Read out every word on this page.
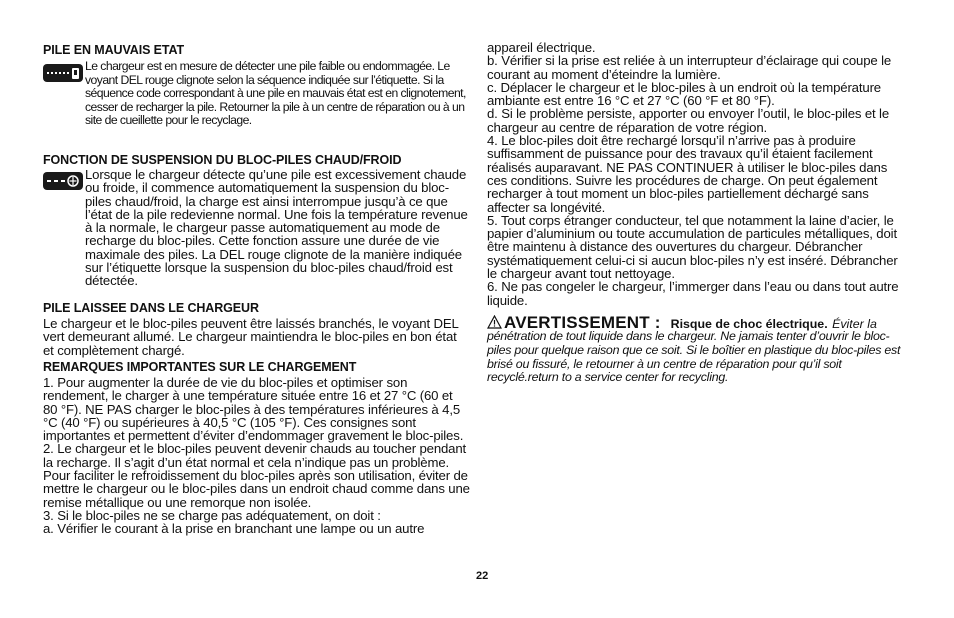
PILE EN MAUVAIS ETAT
Le chargeur est en mesure de détecter une pile faible ou endommagée. Le voyant DEL rouge clignote selon la séquence indiquée sur l’étiquette. Si la séquence code correspondant à une pile en mauvais état est en clignotement, cesser de recharger la pile. Retourner la pile à un centre de réparation ou à un site de cueillette pour le recyclage.
FONCTION DE SUSPENSION DU BLOC-PILES CHAUD/FROID
Lorsque le chargeur détecte qu’une pile est excessivement chaude ou froide, il commence automatiquement la suspension du bloc-piles chaud/froid, la charge est ainsi interrompue jusqu’à ce que l’état de la pile redevienne normal. Une fois la température revenue à la normale, le chargeur passe automatiquement au mode de recharge du bloc-piles. Cette fonction assure une durée de vie maximale des piles. La DEL rouge clignote de la manière indiquée sur l’étiquette lorsque la suspension du bloc-piles chaud/froid est détectée.
PILE LAISSEE DANS LE CHARGEUR
Le chargeur et le bloc-piles peuvent être laissés branchés, le voyant DEL vert demeurant allumé. Le chargeur maintiendra le bloc-piles en bon état et complètement chargé.
REMARQUES IMPORTANTES SUR LE CHARGEMENT
1. Pour augmenter la durée de vie du bloc-piles et optimiser son rendement, le charger à une température située entre 16 et 27 °C (60 et 80 °F). NE PAS charger le bloc-piles à des températures inférieures à 4,5 °C (40 °F) ou supérieures à 40,5 °C (105 °F). Ces consignes sont importantes et permettent d’éviter d’endommager gravement le bloc-piles.
2. Le chargeur et le bloc-piles peuvent devenir chauds au toucher pendant la recharge. Il s’agit d’un état normal et cela n’indique pas un problème. Pour faciliter le refroidissement du bloc-piles après son utilisation, éviter de mettre le chargeur ou le bloc-piles dans un endroit chaud comme dans une remise métallique ou une remorque non isolée.
3. Si le bloc-piles ne se charge pas adéquatement, on doit :
a. Vérifier le courant à la prise en branchant une lampe ou un autre
appareil électrique.
b. Vérifier si la prise est reliée à un interrupteur d’éclairage qui coupe le courant au moment d’éteindre la lumière.
c. Déplacer le chargeur et le bloc-piles à un endroit où la température ambiante est entre 16 °C et 27 °C (60 °F et 80 °F).
d. Si le problème persiste, apporter ou envoyer l’outil, le bloc-piles et le chargeur au centre de réparation de votre région.
4. Le bloc-piles doit être rechargé lorsqu’il n’arrive pas à produire suffisamment de puissance pour des travaux qu’il étaient facilement réalisés auparavant. NE PAS CONTINUER à utiliser le bloc-piles dans ces conditions. Suivre les procédures de charge. On peut également recharger à tout moment un bloc-piles partiellement déchargé sans affecter sa longévité.
5. Tout corps étranger conducteur, tel que notamment la laine d’acier, le papier d’aluminium ou toute accumulation de particules métalliques, doit être maintenu à distance des ouvertures du chargeur. Débrancher systématiquement celui-ci si aucun bloc-piles n’y est inséré. Débrancher le chargeur avant tout nettoyage.
6. Ne pas congeler le chargeur, l’immerger dans l’eau ou dans tout autre liquide.
AVERTISSEMENT : Risque de choc électrique. Éviter la
pénétration de tout liquide dans le chargeur. Ne jamais tenter d’ouvrir le bloc-piles pour quelque raison que ce soit. Si le boîtier en plastique du bloc-piles est brisé ou fissuré, le retourner à un centre de réparation pour qu’il soit recyclé.return to a service center for recycling.
22
